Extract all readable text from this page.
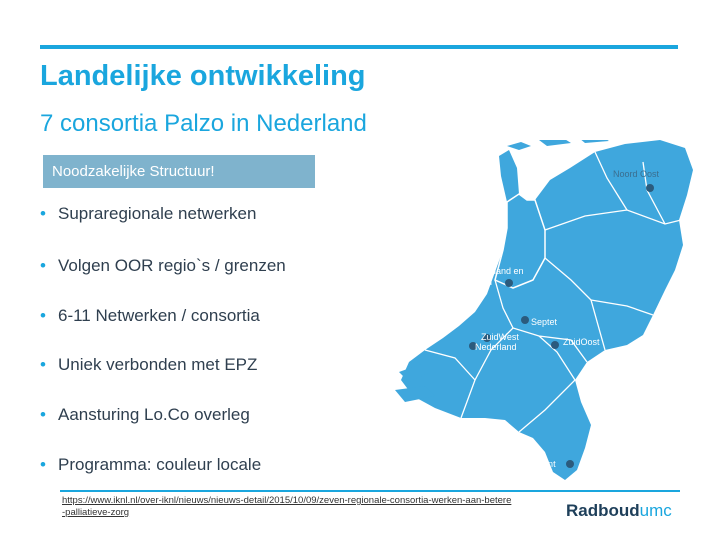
Landelijke ontwikkeling
7 consortia Palzo in Nederland
Noodzakelijke Structuur!
• Supraregionale netwerken
• Volgen OOR regio`s / grenzen
• 6-11 Netwerken / consortia
• Uniek verbonden met EPZ
• Aansturing Lo.Co overleg
• Programma: couleur locale
Noord Oost
Noord-Holland en
Flevoland
Propallia
Septet
ZuidWest
Nederland	ZuidOost
Limburg en Zuidoost-Brabant
https://www.iknl.nl/over-iknl/nieuws/nieuws-detail/2015/10/09/zeven-regionale-consortia-werken-aan-betere-palliatieve-zorg	Radboudumc
